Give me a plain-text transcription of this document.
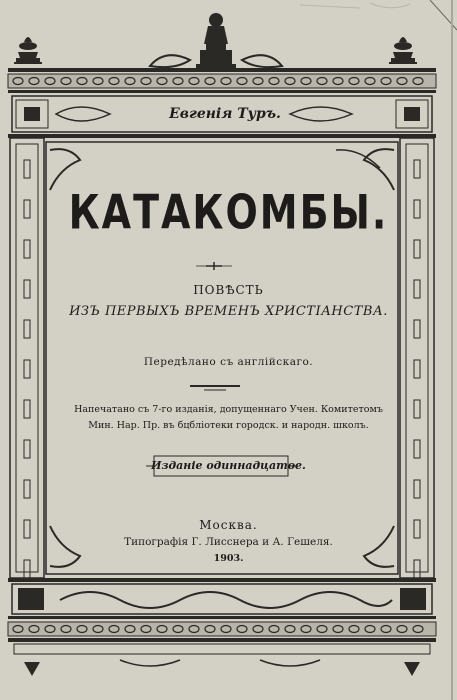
Евгенія Туръ.
КАТАКОМБЫ.
ПОВѢСТЬ
ИЗЪ ПЕРВЫХЪ ВРЕМЕНЪ ХРИСТІАНСТВА.
Передѣлано съ англійскаго.
Напечатано съ 7-го изданія, допущеннаго Учен. Комитетомъ
Мин. Нар. Пр. въ бцбліотеки городск. и народн. школъ.
Изданіе одиннадцатое.
Москва.
Типографія Г. Лисснера и А. Гешеля.
1903.
